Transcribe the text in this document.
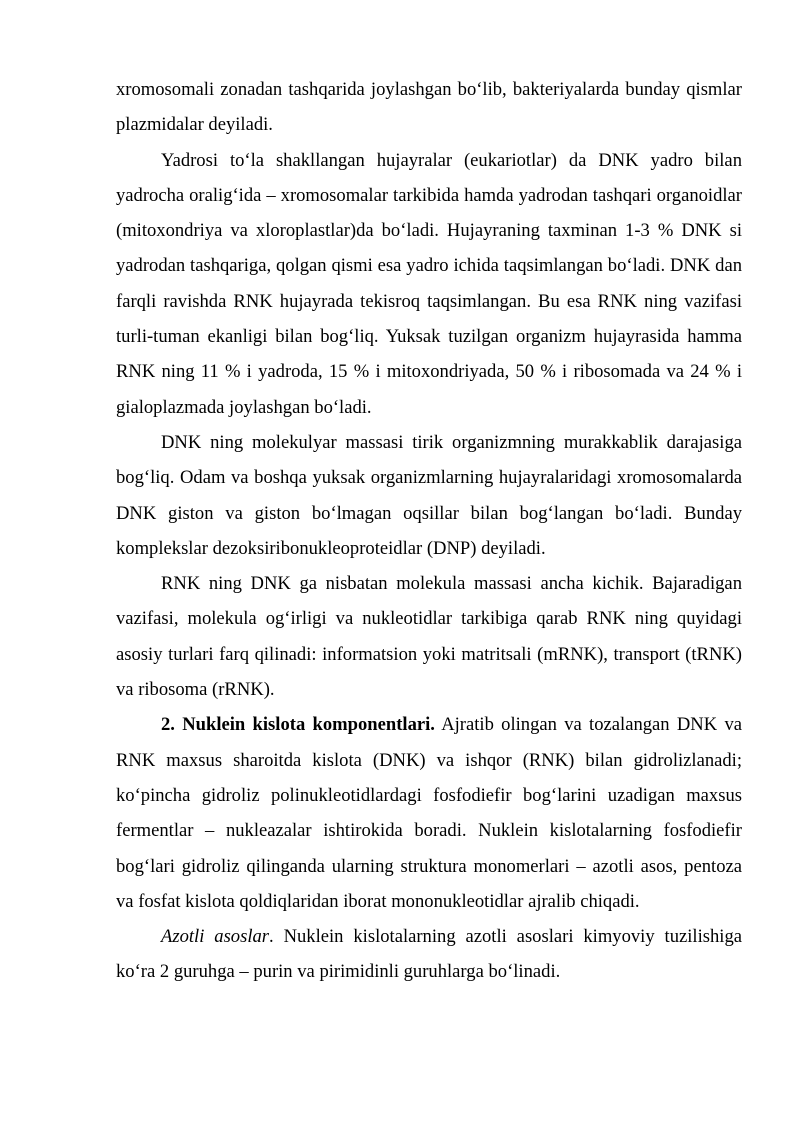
xromosomali zonadan tashqarida joylashgan bo‘lib, bakteriyalarda bunday qismlar plazmidalar deyiladi.

Yadrosi to‘la shakllangan hujayralar (eukariotlar) da DNK yadro bilan yadrocha oralig‘ida – xromosomalar tarkibida hamda yadrodan tashqari organoidlar (mitoxondriya va xloroplastlar)da bo‘ladi. Hujayraning taxminan 1-3 % DNK si yadrodan tashqariga, qolgan qismi esa yadro ichida taqsimlangan bo‘ladi. DNK dan farqli ravishda RNK hujayrada tekisroq taqsimlangan. Bu esa RNK ning vazifasi turli-tuman ekanligi bilan bog‘liq. Yuksak tuzilgan organizm hujayrasida hamma RNK ning 11 % i yadroda, 15 % i mitoxondriyada, 50 % i ribosomada va 24 % i gialoplazmada joylashgan bo‘ladi.

DNK ning molekulyar massasi tirik organizmning murakkablik darajasiga bog‘liq. Odam va boshqa yuksak organizmlarning hujayralaridagi xromosomalarda DNK giston va giston bo‘lmagan oqsillar bilan bog‘langan bo‘ladi. Bunday komplekslar dezoksiribonukleoproteidlar (DNP) deyiladi.

RNK ning DNK ga nisbatan molekula massasi ancha kichik. Bajaradigan vazifasi, molekula og‘irligi va nukleotidlar tarkibiga qarab RNK ning quyidagi asosiy turlari farq qilinadi: informatsion yoki matritsali (mRNK), transport (tRNK) va ribosoma (rRNK).

2. Nuklein kislota komponentlari. Ajratib olingan va tozalangan DNK va RNK maxsus sharoitda kislota (DNK) va ishqor (RNK) bilan gidrolizlanadi; ko‘pincha gidroliz polinukleotidlardagi fosfodiefir bog‘larini uzadigan maxsus fermentlar – nukleazalar ishtirokida boradi. Nuklein kislotalarning fosfodiefir bog‘lari gidroliz qilinganda ularning struktura monomerlari – azotli asos, pentoza va fosfat kislota qoldiqlaridan iborat mononukleotidlar ajralib chiqadi.

Azotli asoslar. Nuklein kislotalarning azotli asoslari kimyoviy tuzilishiga ko‘ra 2 guruhga – purin va pirimidinli guruhlarga bo‘linadi.
